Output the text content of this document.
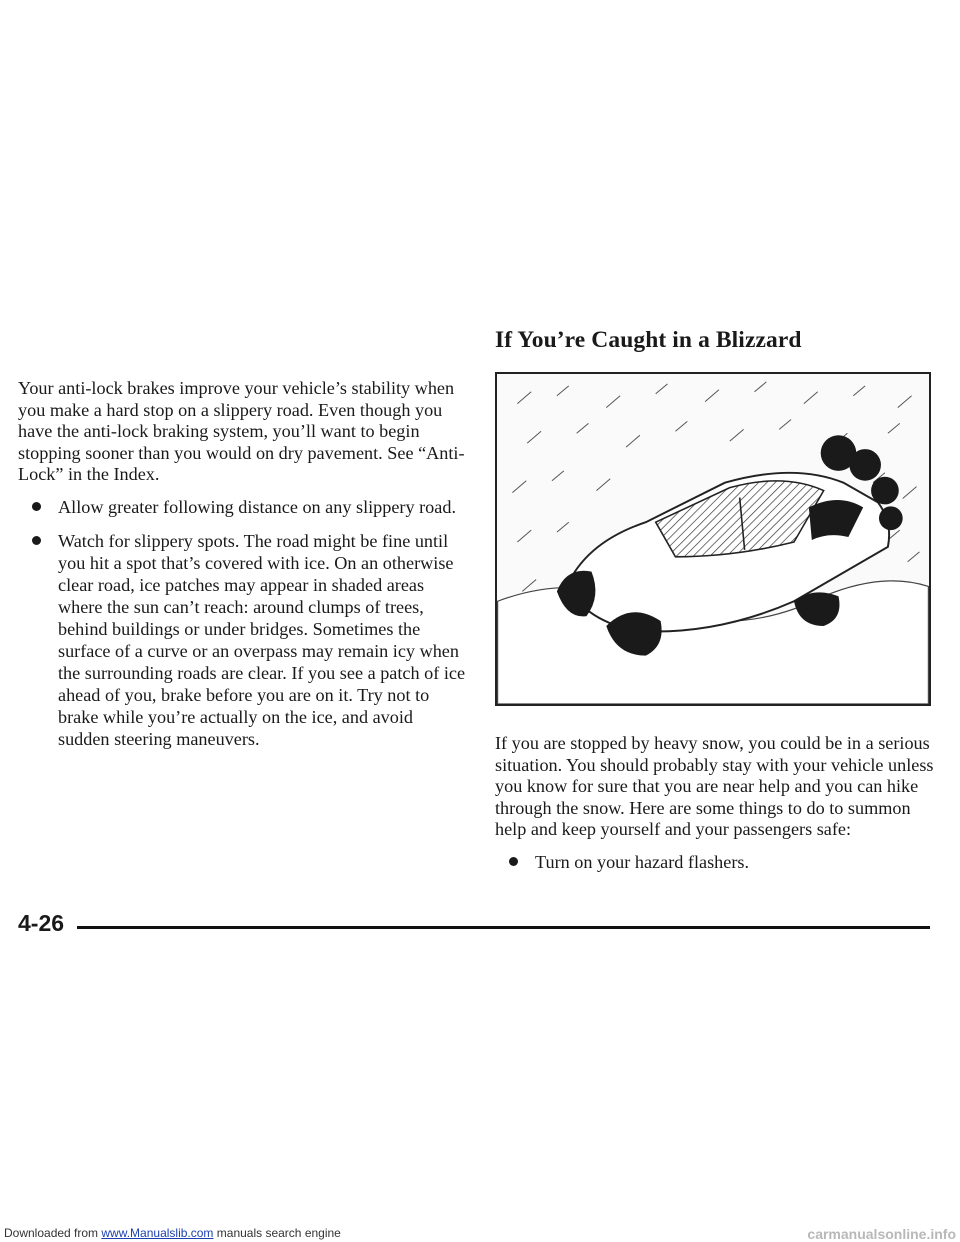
Your anti-lock brakes improve your vehicle’s stability when you make a hard stop on a slippery road. Even though you have the anti-lock braking system, you’ll want to begin stopping sooner than you would on dry pavement. See “Anti-Lock” in the Index.

Allow greater following distance on any slippery road.
Watch for slippery spots. The road might be fine until you hit a spot that’s covered with ice. On an otherwise clear road, ice patches may appear in shaded areas where the sun can’t reach: around clumps of trees, behind buildings or under bridges. Sometimes the surface of a curve or an overpass may remain icy when the surrounding roads are clear. If you see a patch of ice ahead of you, brake before you are on it. Try not to brake while you’re actually on the ice, and avoid sudden steering maneuvers.
If You’re Caught in a Blizzard

If you are stopped by heavy snow, you could be in a serious situation. You should probably stay with your vehicle unless you know for sure that you are near help and you can hike through the snow. Here are some things to do to summon help and keep yourself and your passengers safe:

Turn on your hazard flashers.
4-26
Downloaded from www.Manualslib.com manuals search engine	carmanualsonline.info
